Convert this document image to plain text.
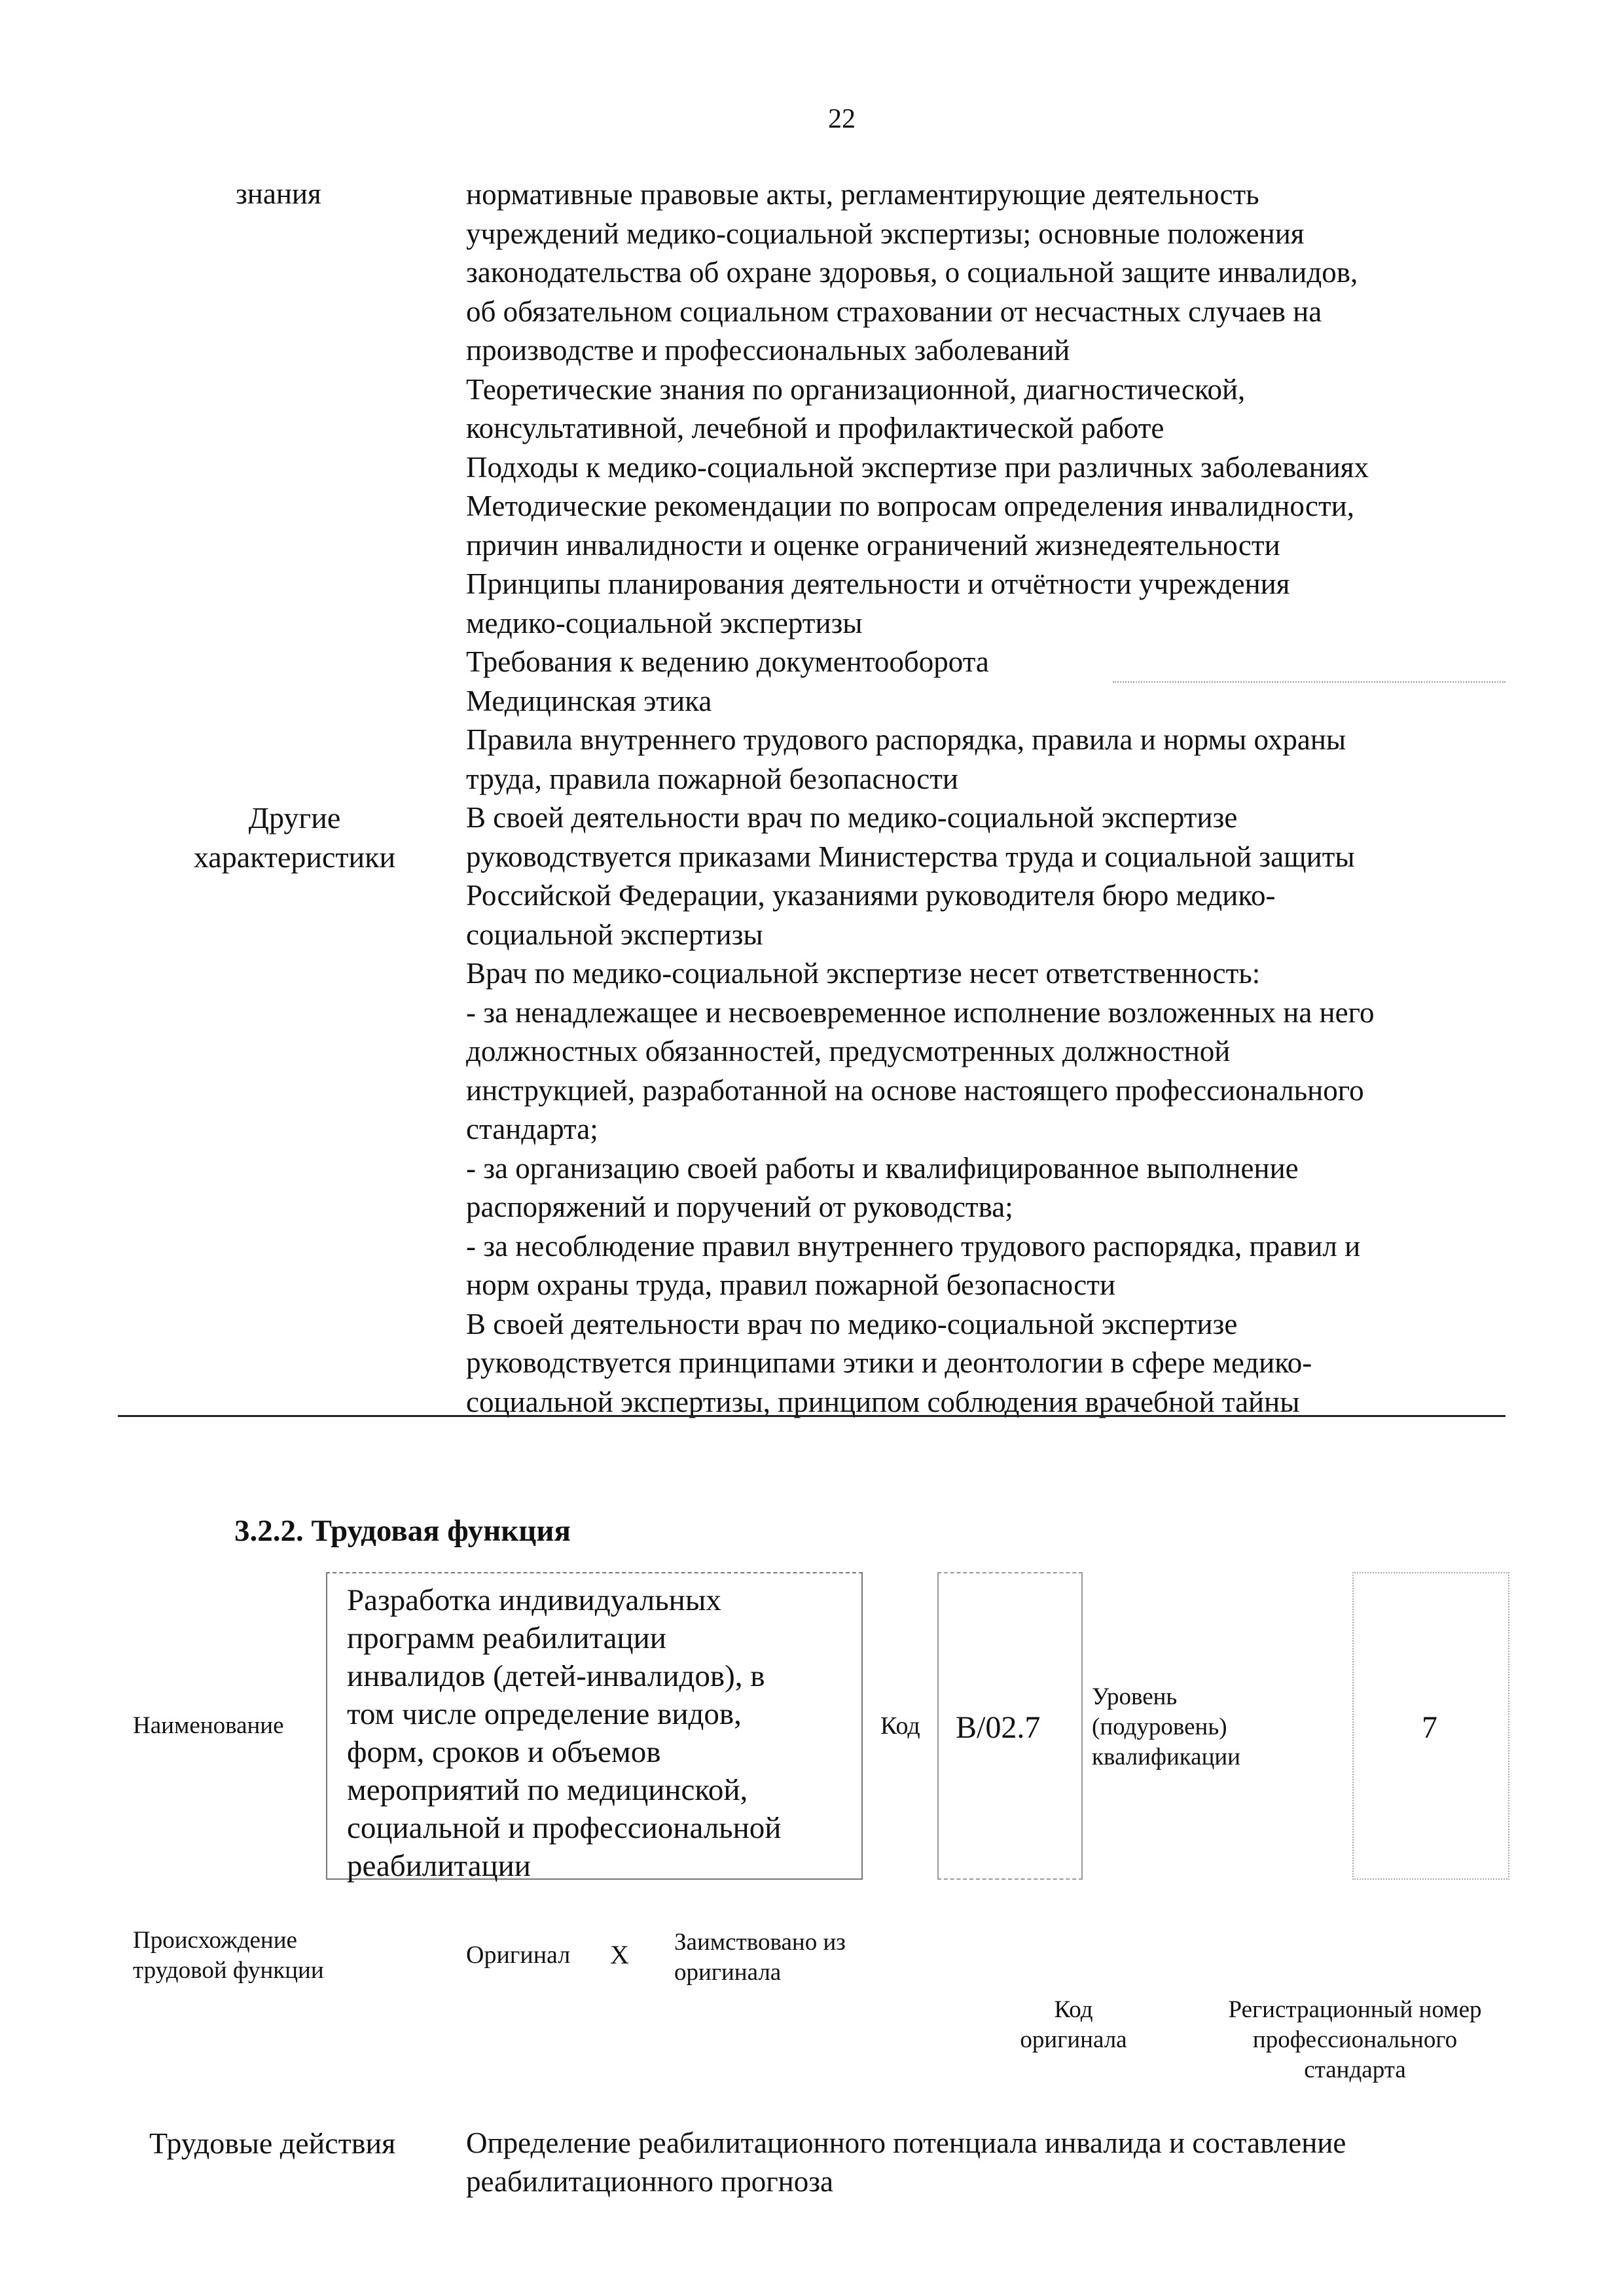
22
знания
Другие
характеристики
нормативные правовые акты, регламентирующие деятельность
учреждений медико-социальной экспертизы; основные положения
законодательства об охране здоровья, о социальной защите инвалидов,
об обязательном социальном страховании от несчастных случаев на
производстве и профессиональных заболеваний
Теоретические знания по организационной, диагностической,
консультативной, лечебной и профилактической работе
Подходы к медико-социальной экспертизе при различных заболеваниях
Методические рекомендации по вопросам определения инвалидности,
причин инвалидности и оценке ограничений жизнедеятельности
Принципы планирования деятельности и отчётности учреждения
медико-социальной экспертизы
Требования к ведению документооборота
Медицинская этика
Правила внутреннего трудового распорядка, правила и нормы охраны
труда, правила пожарной безопасности
В своей деятельности врач по медико-социальной экспертизе
руководствуется приказами Министерства труда и социальной защиты
Российской Федерации, указаниями руководителя бюро медико-
социальной экспертизы
Врач по медико-социальной экспертизе несет ответственность:
- за ненадлежащее и несвоевременное исполнение возложенных на него
должностных обязанностей, предусмотренных должностной
инструкцией, разработанной на основе настоящего профессионального
стандарта;
- за организацию своей работы и квалифицированное выполнение
распоряжений и поручений от руководства;
- за несоблюдение правил внутреннего трудового распорядка, правил и
норм охраны труда, правил пожарной безопасности
В своей деятельности врач по медико-социальной экспертизе
руководствуется принципами этики и деонтологии в сфере медико-
социальной экспертизы, принципом соблюдения врачебной тайны
3.2.2. Трудовая функция
Наименование
Разработка индивидуальных
программ реабилитации
инвалидов (детей-инвалидов), в
том числе определение видов,
форм, сроков и объемов
мероприятий по медицинской,
социальной и профессиональной
реабилитации
Код B/02.7
Уровень
(подуровень)
квалификации
7
Происхождение
трудовой функции
Оригинал X Заимствовано из
оригинала
Код
оригинала
Регистрационный номер
профессионального
стандарта
Трудовые действия Определение реабилитационного потенциала инвалида и составление
реабилитационного прогноза
